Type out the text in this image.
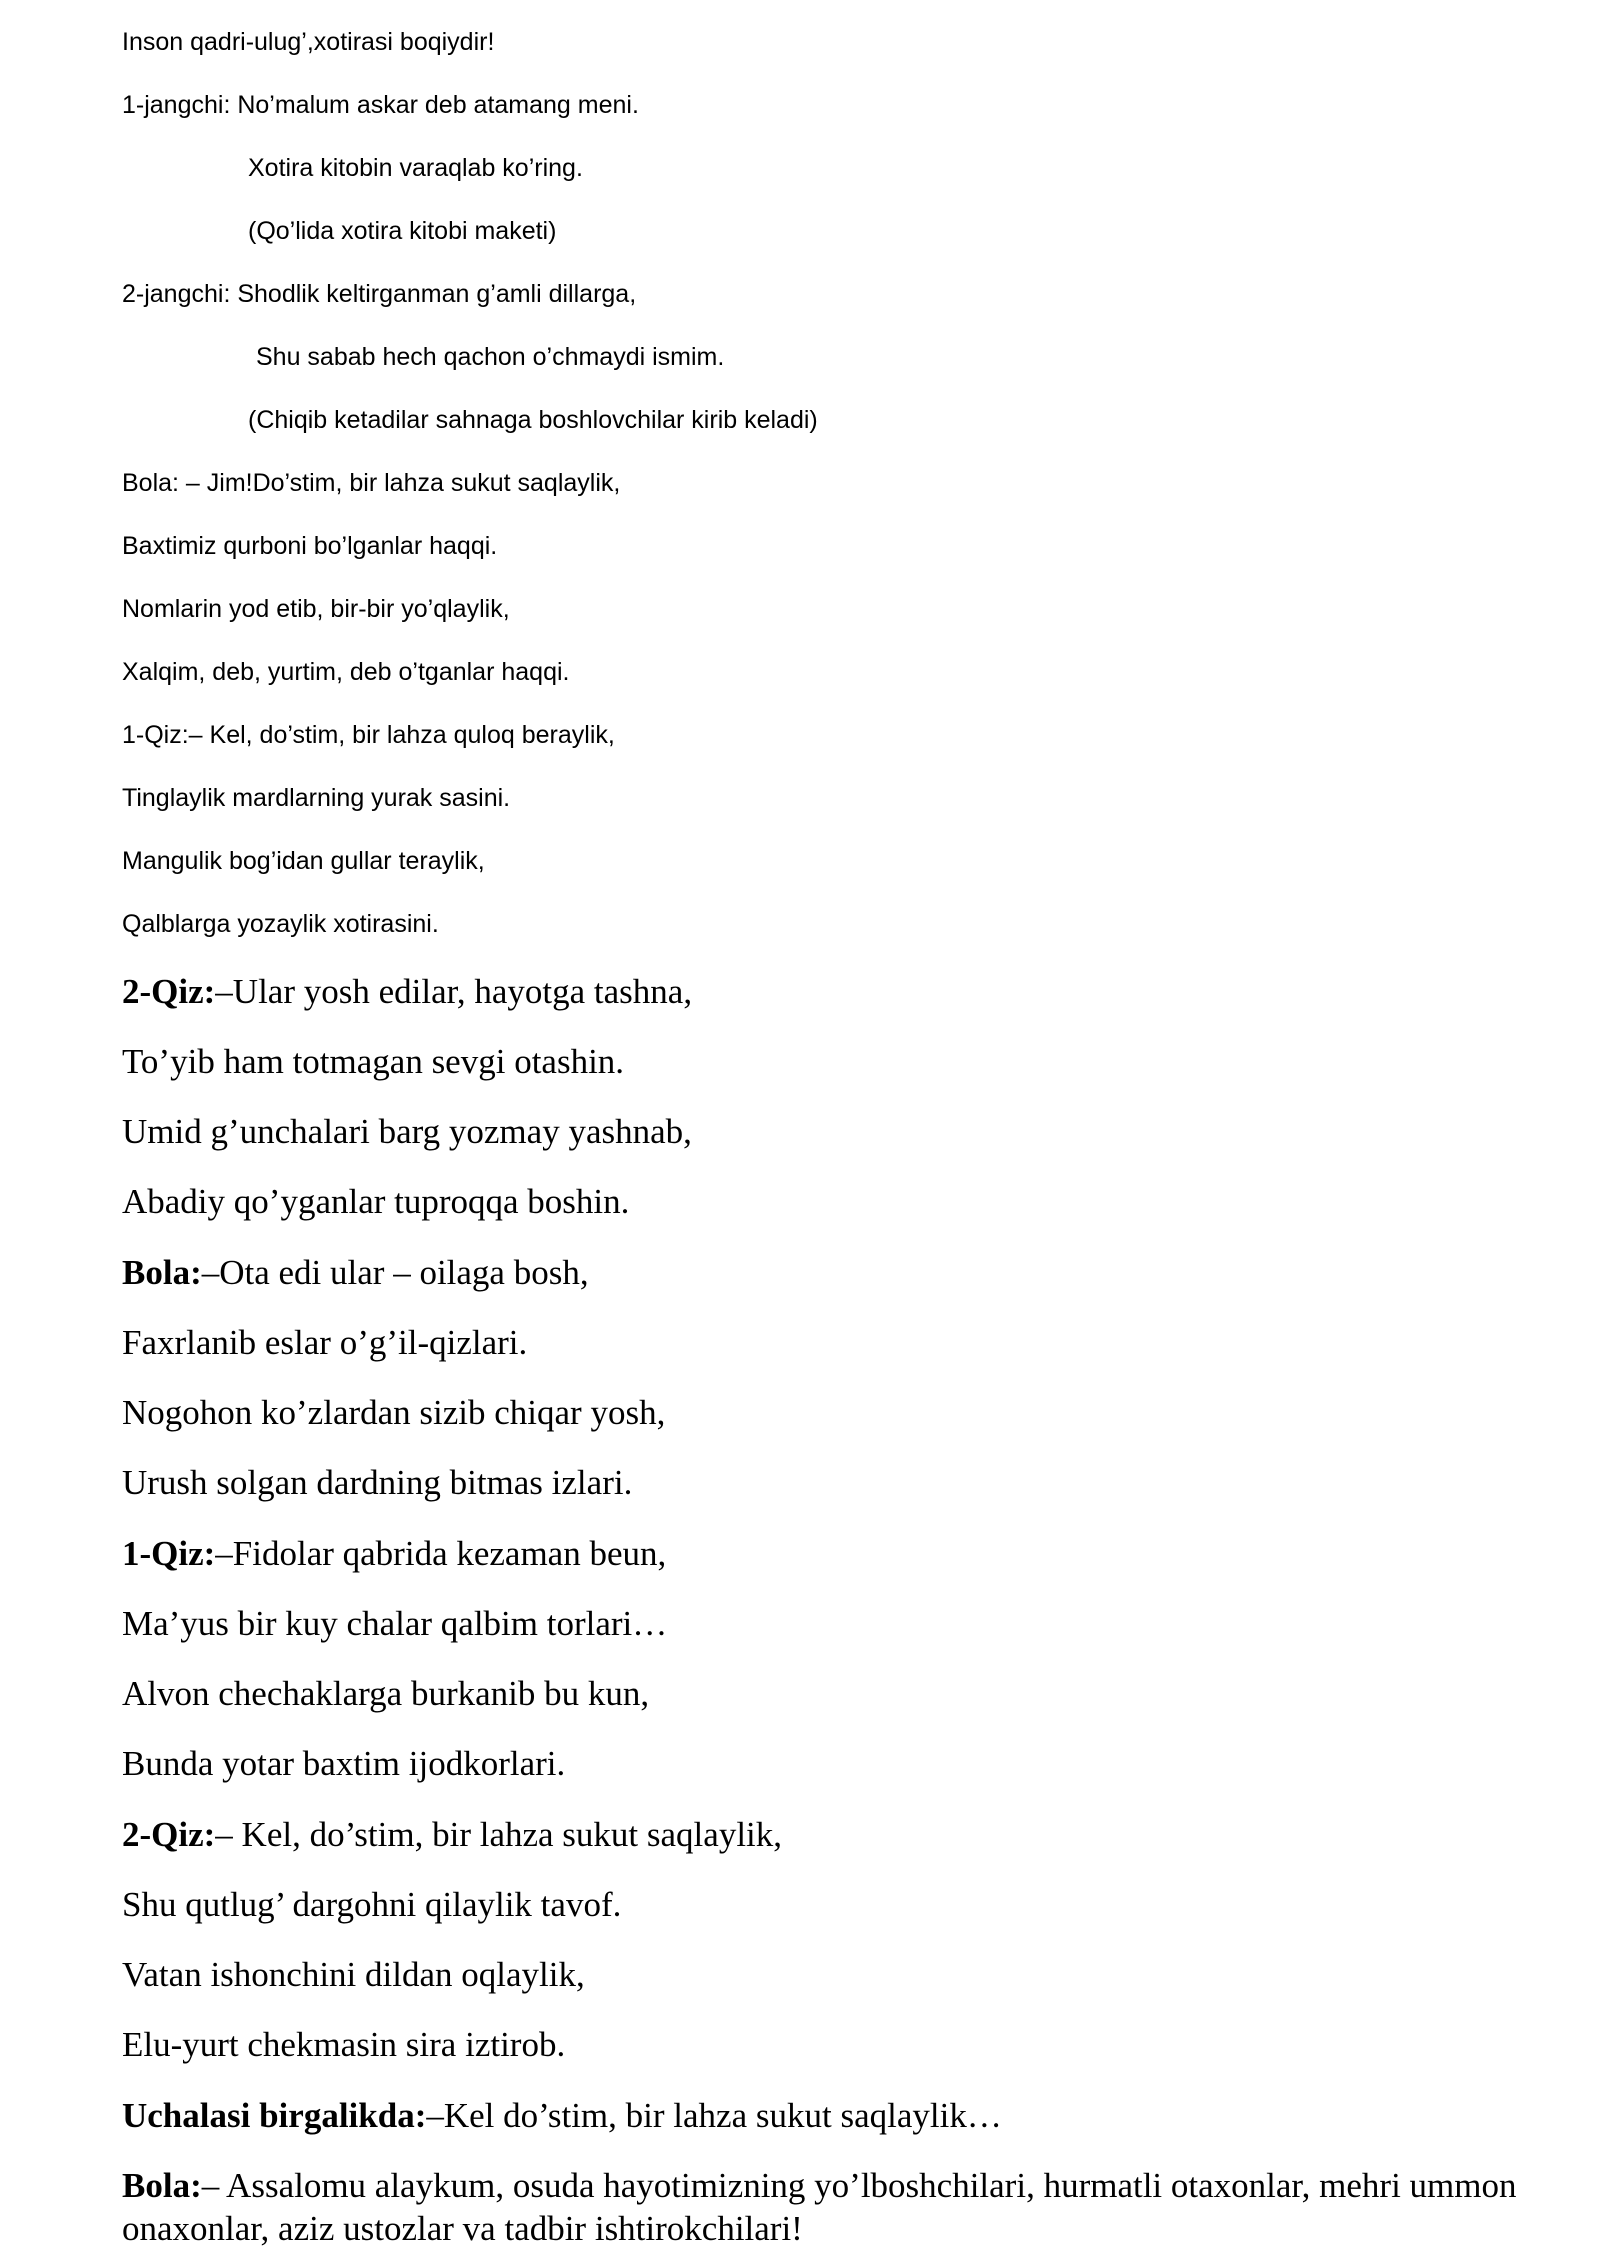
Inson qadri-ulug’,xotirasi boqiydir!
1-jangchi: No’malum askar deb atamang meni.
Xotira kitobin varaqlab ko’ring.
(Qo’lida xotira kitobi maketi)
2-jangchi: Shodlik keltirganman g’amli dillarga,
Shu sabab hech qachon o’chmaydi ismim.
(Chiqib ketadilar sahnaga boshlovchilar kirib keladi)
Bola: – Jim!Do’stim, bir lahza sukut saqlaylik,
Baxtimiz qurboni bo’lganlar haqqi.
Nomlarin yod etib, bir-bir yo’qlaylik,
Xalqim, deb, yurtim, deb o’tganlar haqqi.
1-Qiz:– Kel, do’stim, bir lahza quloq beraylik,
Tinglaylik mardlarning yurak sasini.
Mangulik bog’idan gullar teraylik,
Qalblarga yozaylik xotirasini.
2-Qiz:–Ular yosh edilar, hayotga tashna,
To’yib ham totmagan sevgi otashin.
Umid g’unchalari barg yozmay yashnab,
Abadiy qo’yganlar tuproqqa boshin.
Bola:–Ota edi ular – oilaga bosh,
Faxrlanib eslar o’g’il-qizlari.
Nogohon ko’zlardan sizib chiqar yosh,
Urush solgan dardning bitmas izlari.
1-Qiz:–Fidolar qabrida kezaman beun,
Ma’yus bir kuy chalar qalbim torlari…
Alvon chechaklarga burkanib bu kun,
Bunda yotar baxtim ijodkorlari.
2-Qiz:– Kel, do’stim, bir lahza sukut saqlaylik,
Shu qutlug’ dargohni qilaylik tavof.
Vatan ishonchini dildan oqlaylik,
Elu-yurt chekmasin sira iztirob.
Uchalasi birgalikda:–Kel do’stim, bir lahza sukut saqlaylik…
Bola:– Assalomu alaykum, osuda hayotimizning yo’lboshchilari, hurmatli otaxonlar, mehri ummon onaxonlar, aziz ustozlar va tadbir ishtirokchilari!
